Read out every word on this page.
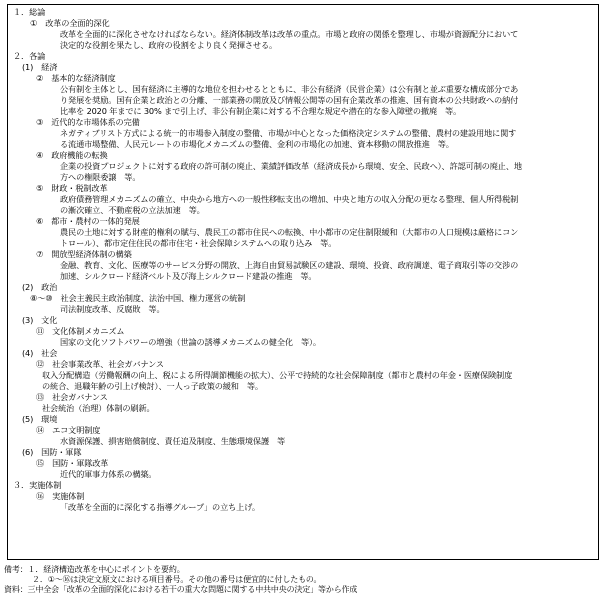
１．総論
①　改革の全面的深化
改革を全面的に深化させなければならない。経済体制改革は改革の重点。市場と政府の関係を整理し、市場が資源配分において
決定的な役割を果たし、政府の役割をより良く発揮させる。
２．各論
(1)　経済
②　基本的な経済制度
公有制を主体とし、国有経済に主導的な地位を担わせるとともに、非公有経済（民営企業）は公有制と並ぶ重要な構成部分であ
り発展を奨励。国有企業と政治との分離、一部業務の開放及び情報公開等の国有企業改革の推進、国有資本の公共財政への納付
比率を 2020 年までに 30% まで引上げ、非公有制企業に対する不合理な規定や潜在的な参入障壁の撤廃　等。
③　近代的な市場体系の完備
ネガティブリスト方式による統一的市場参入制度の整備、市場が中心となった価格決定システムの整備、農村の建設用地に関す
る流通市場整備、人民元レートの市場化メカニズムの整備、金利の市場化の加速、資本移動の開放推進　等。
④　政府機能の転換
企業の投資プロジェクトに対する政府の許可制の廃止、業績評価改革（経済成長から環境、安全、民政へ）、許認可制の廃止、地
方への権限委譲　等。
⑤　財政・税制改革
政府債務管理メカニズムの確立、中央から地方への一般性移転支出の増加、中央と地方の収入分配の更なる整理、個人所得税制
の漸次確立、不動産税の立法加速　等。
⑥　都市・農村の一体的発展
農民の土地に対する財産的権利の賦与、農民工の都市住民への転換、中小都市の定住制限緩和（大都市の人口規模は厳格にコン
トロール）、都市定住住民の都市住宅・社会保障システムへの取り込み　等。
⑦　開放型経済体制の構築
金融、教育、文化、医療等のサービス分野の開放、上海自由貿易試験区の建設、環境、投資、政府調達、電子商取引等の交渉の
加速、シルクロード経済ベルト及び海上シルクロード建設の推進　等。
(2)　政治
⑧～⑩　社会主義民主政治制度、法治中国、権力運営の統制
司法制度改革、反腐敗　等。
(3)　文化
⑪　文化体制メカニズム
国家の文化ソフトパワーの増強（世論の誘導メカニズムの健全化　等）。
(4)　社会
⑫　社会事業改革、社会ガバナンス
収入分配構造（労働報酬の向上、税による所得調節機能の拡大）、公平で持続的な社会保障制度（都市と農村の年金・医療保険制度
の統合、退職年齢の引上げ検討）、一人っ子政策の緩和　等。
⑬　社会ガバナンス
社会統治（治理）体制の刷新。
(5)　環境
⑭　エコ文明制度
水資源保護、損害賠償制度、責任追及制度、生態環境保護　等
(6)　国防・軍隊
⑮　国防・軍隊改革
近代的軍事力体系の構築。
３．実施体制
⑯　実施体制
「改革を全面的に深化する指導グループ」の立ち上げ。
備考：１．経済構造改革を中心にポイントを要約。
２．①～⑯は決定文原文における項目番号。その他の番号は便宜的に付したもの。
資料：三中全会「改革の全面的深化における若干の重大な問題に関する中共中央の決定」等から作成
